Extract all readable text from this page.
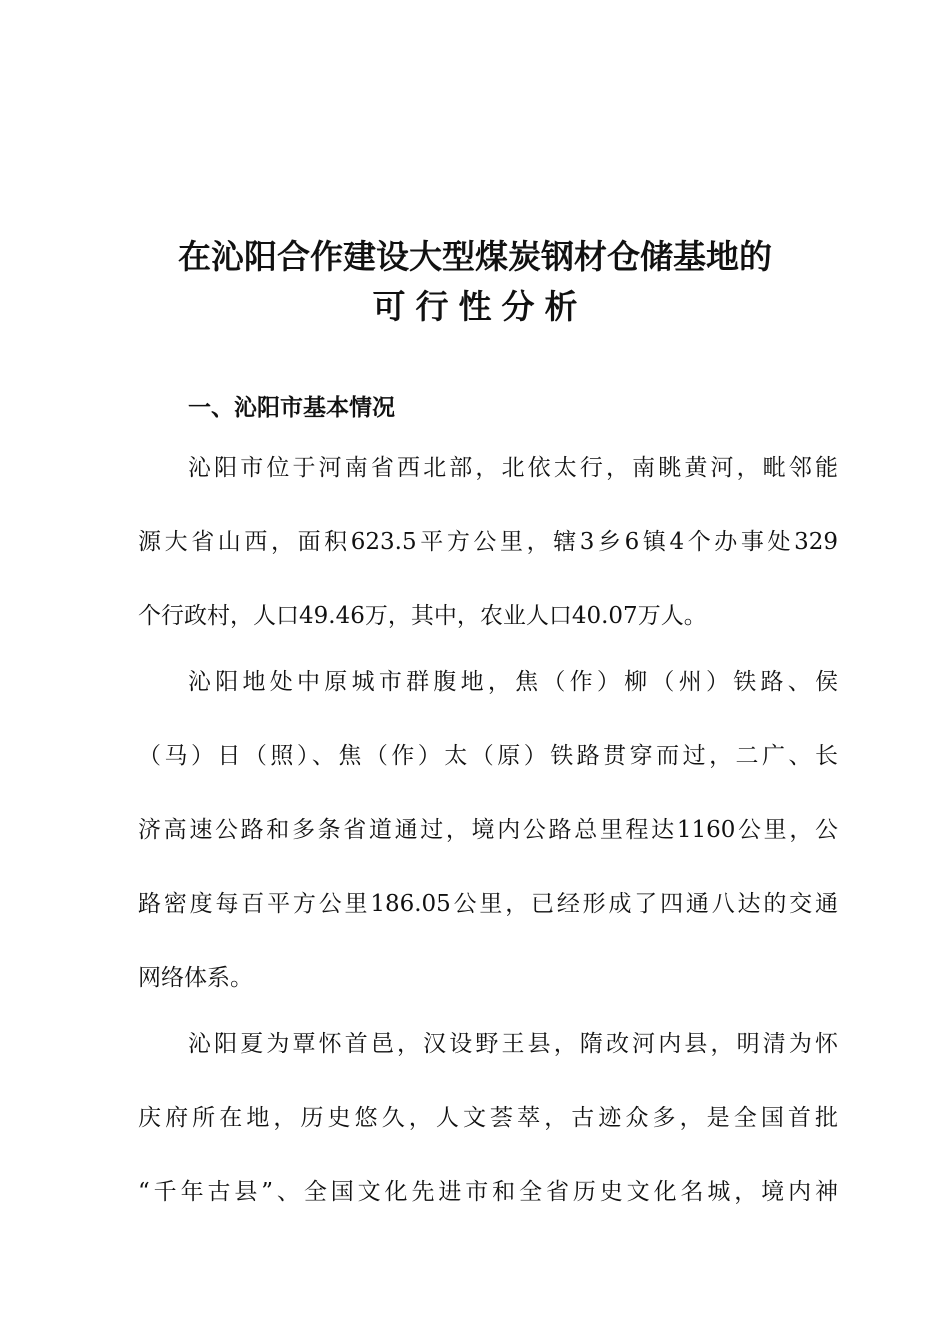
在沁阳合作建设大型煤炭钢材仓储基地的
可行性分析
一、沁阳市基本情况
沁阳市位于河南省西北部，北依太行，南眺黄河，毗邻能
源大省山西，面积623.5平方公里，辖3乡6镇4个办事处329
个行政村，人口49.46万，其中，农业人口40.07万人。
沁阳地处中原城市群腹地，焦（作）柳（州）铁路、侯
（马）日（照）、焦（作）太（原）铁路贯穿而过，二广、长
济高速公路和多条省道通过，境内公路总里程达1160公里，公
路密度每百平方公里186.05公里，已经形成了四通八达的交通
网络体系。
沁阳夏为覃怀首邑，汉设野王县，隋改河内县，明清为怀
庆府所在地，历史悠久，人文荟萃，古迹众多，是全国首批
“千年古县”、全国文化先进市和全省历史文化名城，境内神
